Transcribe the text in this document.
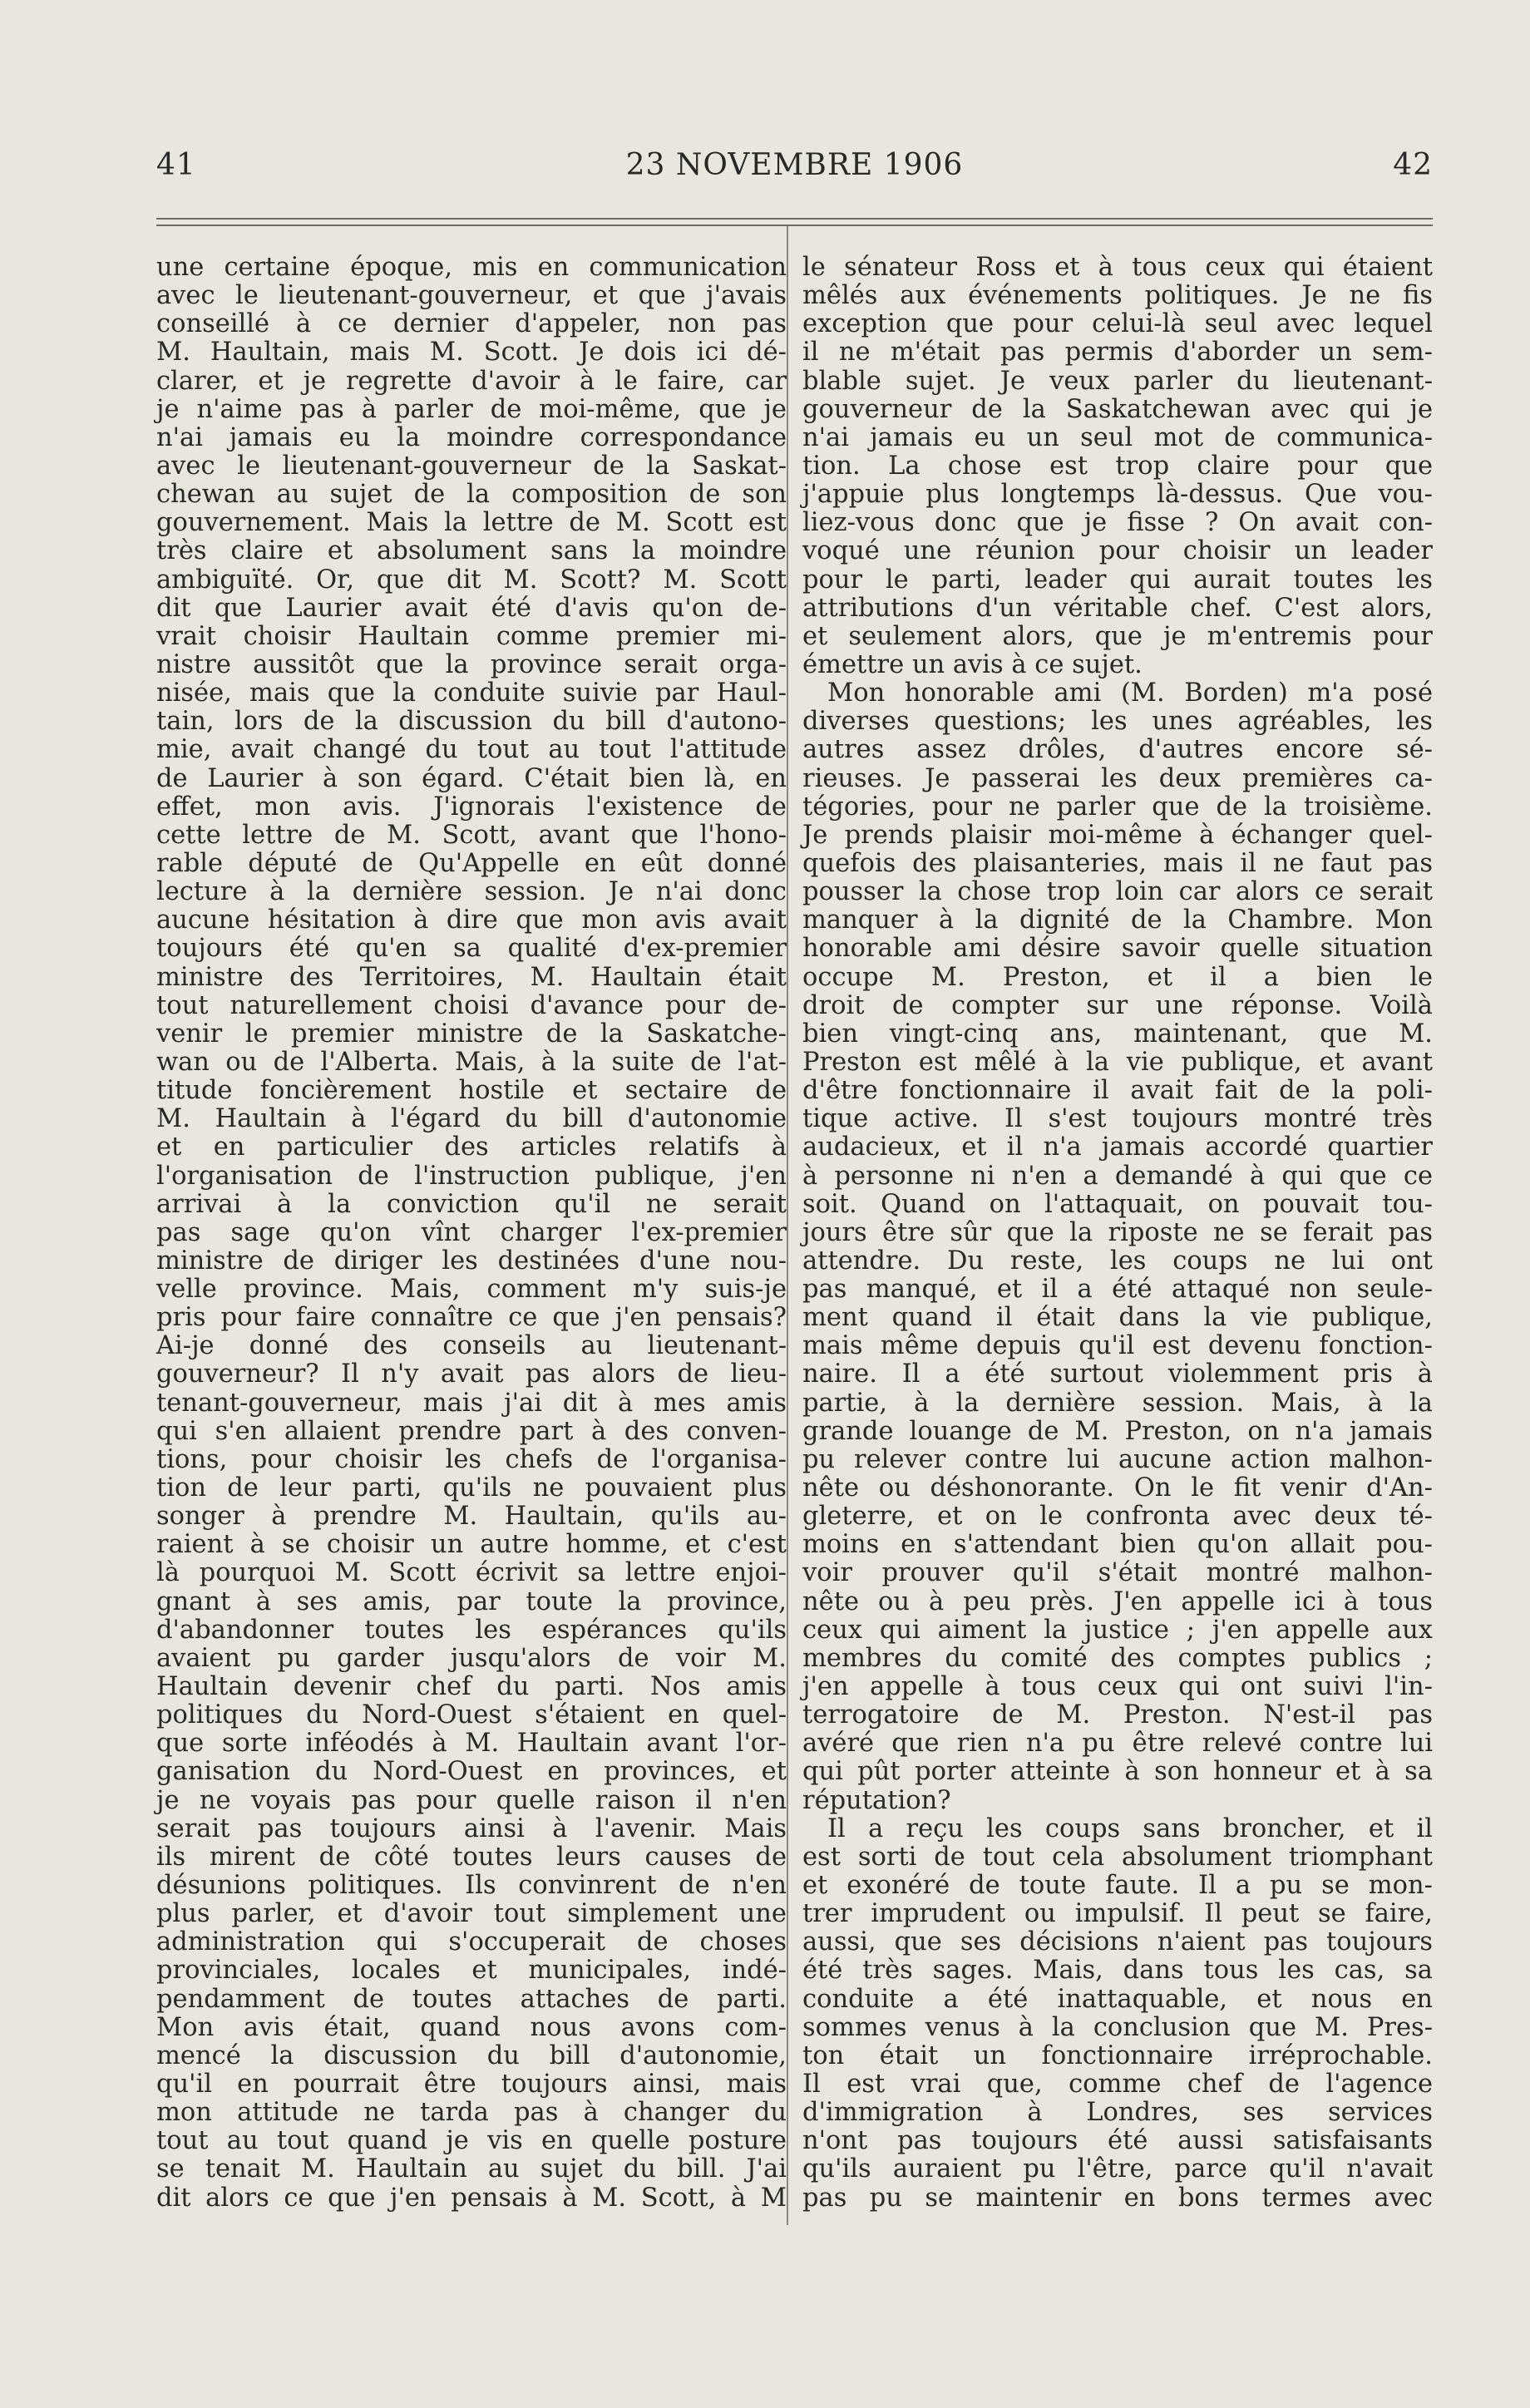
41	23 NOVEMBRE 1906	42
une certaine époque, mis en communication
avec le lieutenant-gouverneur, et que j'avais
conseillé à ce dernier d'appeler, non pas
M. Haultain, mais M. Scott. Je dois ici dé-
clarer, et je regrette d'avoir à le faire, car
je n'aime pas à parler de moi-même, que je
n'ai jamais eu la moindre correspondance
avec le lieutenant-gouverneur de la Saskat-
chewan au sujet de la composition de son
gouvernement. Mais la lettre de M. Scott est
très claire et absolument sans la moindre
ambiguïté. Or, que dit M. Scott? M. Scott
dit que Laurier avait été d'avis qu'on de-
vrait choisir Haultain comme premier mi-
nistre aussitôt que la province serait orga-
nisée, mais que la conduite suivie par Haul-
tain, lors de la discussion du bill d'autono-
mie, avait changé du tout au tout l'attitude
de Laurier à son égard. C'était bien là, en
effet, mon avis. J'ignorais l'existence de
cette lettre de M. Scott, avant que l'hono-
rable député de Qu'Appelle en eût donné
lecture à la dernière session. Je n'ai donc
aucune hésitation à dire que mon avis avait
toujours été qu'en sa qualité d'ex-premier
ministre des Territoires, M. Haultain était
tout naturellement choisi d'avance pour de-
venir le premier ministre de la Saskatche-
wan ou de l'Alberta. Mais, à la suite de l'at-
titude foncièrement hostile et sectaire de
M. Haultain à l'égard du bill d'autonomie
et en particulier des articles relatifs à
l'organisation de l'instruction publique, j'en
arrivai à la conviction qu'il ne serait
pas sage qu'on vînt charger l'ex-premier
ministre de diriger les destinées d'une nou-
velle province. Mais, comment m'y suis-je
pris pour faire connaître ce que j'en pensais?
Ai-je donné des conseils au lieutenant-
gouverneur? Il n'y avait pas alors de lieu-
tenant-gouverneur, mais j'ai dit à mes amis
qui s'en allaient prendre part à des conven-
tions, pour choisir les chefs de l'organisa-
tion de leur parti, qu'ils ne pouvaient plus
songer à prendre M. Haultain, qu'ils au-
raient à se choisir un autre homme, et c'est
là pourquoi M. Scott écrivit sa lettre enjoi-
gnant à ses amis, par toute la province,
d'abandonner toutes les espérances qu'ils
avaient pu garder jusqu'alors de voir M.
Haultain devenir chef du parti. Nos amis
politiques du Nord-Ouest s'étaient en quel-
que sorte inféodés à M. Haultain avant l'or-
ganisation du Nord-Ouest en provinces, et
je ne voyais pas pour quelle raison il n'en
serait pas toujours ainsi à l'avenir. Mais
ils mirent de côté toutes leurs causes de
désunions politiques. Ils convinrent de n'en
plus parler, et d'avoir tout simplement une
administration qui s'occuperait de choses
provinciales, locales et municipales, indé-
pendamment de toutes attaches de parti.
Mon avis était, quand nous avons com-
mencé la discussion du bill d'autonomie,
qu'il en pourrait être toujours ainsi, mais
mon attitude ne tarda pas à changer du
tout au tout quand je vis en quelle posture
se tenait M. Haultain au sujet du bill. J'ai
dit alors ce que j'en pensais à M. Scott, à M
le sénateur Ross et à tous ceux qui étaient
mêlés aux événements politiques. Je ne fis
exception que pour celui-là seul avec lequel
il ne m'était pas permis d'aborder un sem-
blable sujet. Je veux parler du lieutenant-
gouverneur de la Saskatchewan avec qui je
n'ai jamais eu un seul mot de communica-
tion. La chose est trop claire pour que
j'appuie plus longtemps là-dessus. Que vou-
liez-vous donc que je fisse ? On avait con-
voqué une réunion pour choisir un leader
pour le parti, leader qui aurait toutes les
attributions d'un véritable chef. C'est alors,
et seulement alors, que je m'entremis pour
émettre un avis à ce sujet.
Mon honorable ami (M. Borden) m'a posé
diverses questions; les unes agréables, les
autres assez drôles, d'autres encore sé-
rieuses. Je passerai les deux premières ca-
tégories, pour ne parler que de la troisième.
Je prends plaisir moi-même à échanger quel-
quefois des plaisanteries, mais il ne faut pas
pousser la chose trop loin car alors ce serait
manquer à la dignité de la Chambre. Mon
honorable ami désire savoir quelle situation
occupe M. Preston, et il a bien le
droit de compter sur une réponse. Voilà
bien vingt-cinq ans, maintenant, que M.
Preston est mêlé à la vie publique, et avant
d'être fonctionnaire il avait fait de la poli-
tique active. Il s'est toujours montré très
audacieux, et il n'a jamais accordé quartier
à personne ni n'en a demandé à qui que ce
soit. Quand on l'attaquait, on pouvait tou-
jours être sûr que la riposte ne se ferait pas
attendre. Du reste, les coups ne lui ont
pas manqué, et il a été attaqué non seule-
ment quand il était dans la vie publique,
mais même depuis qu'il est devenu fonction-
naire. Il a été surtout violemment pris à
partie, à la dernière session. Mais, à la
grande louange de M. Preston, on n'a jamais
pu relever contre lui aucune action malhon-
nête ou déshonorante. On le fit venir d'An-
gleterre, et on le confronta avec deux té-
moins en s'attendant bien qu'on allait pou-
voir prouver qu'il s'était montré malhon-
nête ou à peu près. J'en appelle ici à tous
ceux qui aiment la justice ; j'en appelle aux
membres du comité des comptes publics ;
j'en appelle à tous ceux qui ont suivi l'in-
terrogatoire de M. Preston. N'est-il pas
avéré que rien n'a pu être relevé contre lui
qui pût porter atteinte à son honneur et à sa
réputation?
Il a reçu les coups sans broncher, et il
est sorti de tout cela absolument triomphant
et exonéré de toute faute. Il a pu se mon-
trer imprudent ou impulsif. Il peut se faire,
aussi, que ses décisions n'aient pas toujours
été très sages. Mais, dans tous les cas, sa
conduite a été inattaquable, et nous en
sommes venus à la conclusion que M. Pres-
ton était un fonctionnaire irréprochable.
Il est vrai que, comme chef de l'agence
d'immigration à Londres, ses services
n'ont pas toujours été aussi satisfaisants
qu'ils auraient pu l'être, parce qu'il n'avait
pas pu se maintenir en bons termes avec
